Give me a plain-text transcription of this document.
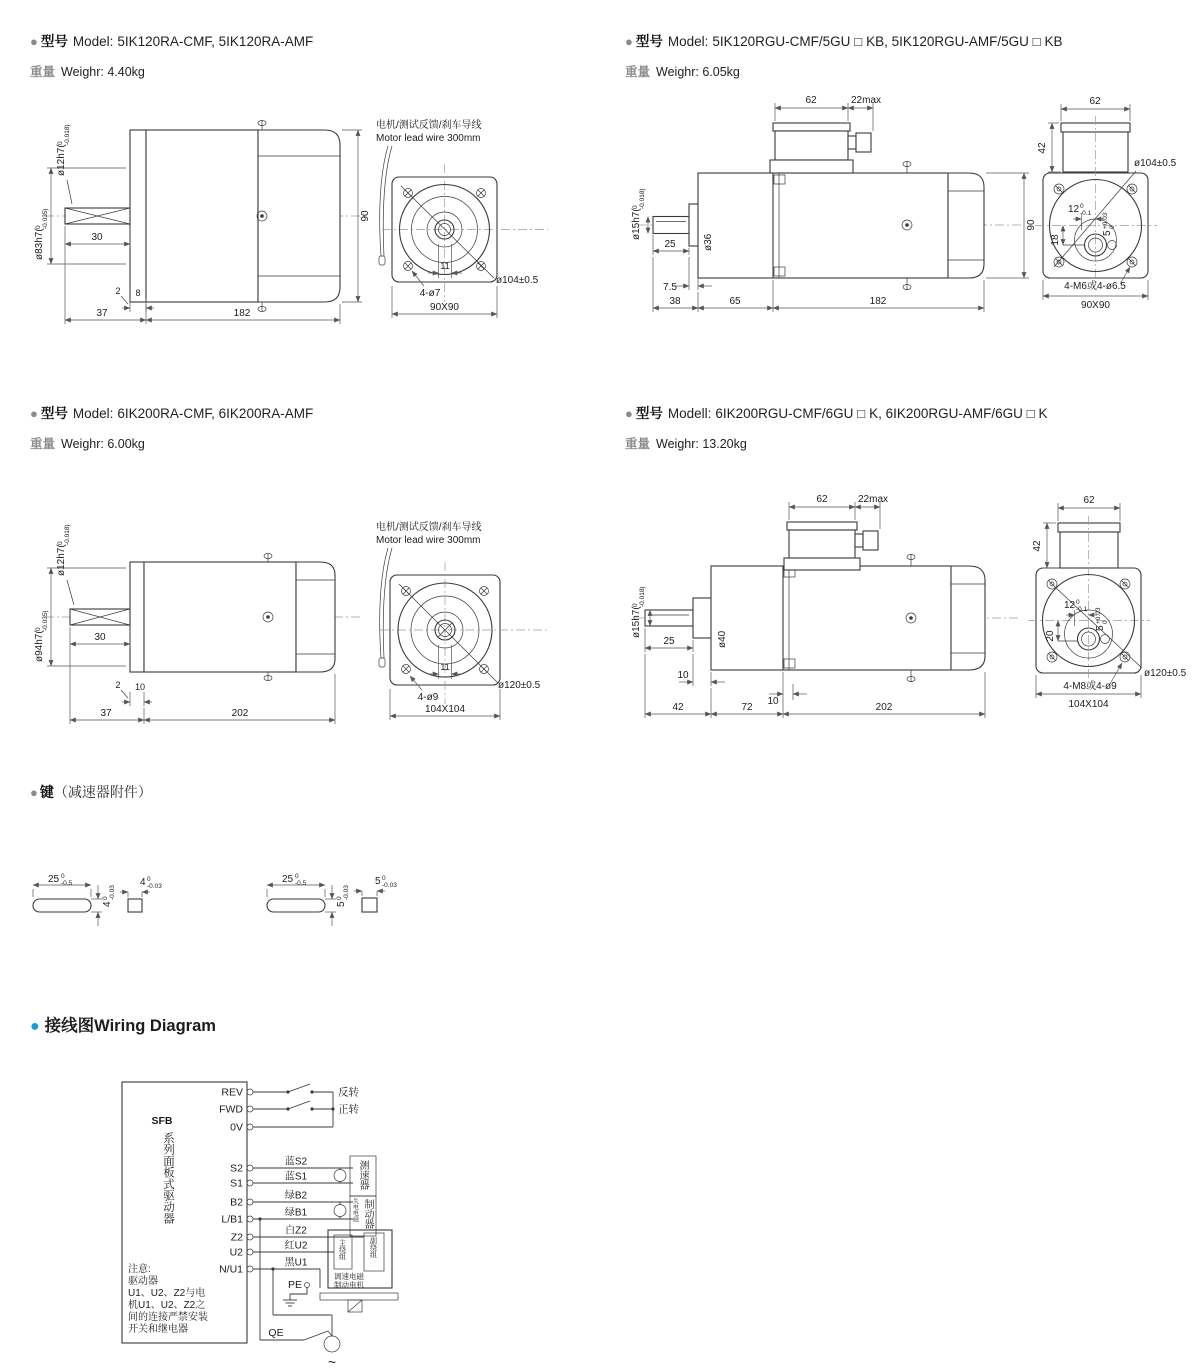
● 型号 Model: 5IK120RA-CMF, 5IK120RA-AMF
重量 Weighr: 4.40kg
● 型号 Model: 5IK120RGU-CMF/5GU □ KB, 5IK120RGU-AMF/5GU □ KB
重量 Weighr: 6.05kg
● 型号 Model: 6IK200RA-CMF, 6IK200RA-AMF
重量 Weighr: 6.00kg
● 型号 Modell: 6IK200RGU-CMF/6GU □ K, 6IK200RGU-AMF/6GU □ K
重量 Weighr: 13.20kg
● 键（减速器附件）
● 接线图Wiring Diagram
30
2 8
37	182
90
ø12h7(
0 -0.018)
ø83h7(
0 -0.035)
电机/测试反馈/刹车导线
Motor lead wire 300mm
11
ø104±0.5
4-ø7
90X90
62	22max
ø15h7(
0 -0.018)
ø36
25
7.5
38	65	182
90
62
42
ø104±0.5
12 0
-0.1
5
+0.03 0
18
4-M6或4-ø6.5
90X90
30
2 10
37	202
ø12h7(
0 -0.018)
ø94h7(
0 -0.035)
电机/测试反馈/刹车导线
Motor lead wire 300mm
11
ø120±0.5
4-ø9
104X104
62	22max
ø15h7(
0 -0.018)
ø40
25
10
42	72	202
10
62
42
20
12 0
-0.1
5
+0.03 0
ø120±0.5
4-M8或4-ø9
104X104
25 0
-0.5
4
0 -0.03
4 0
-0.03
25 0
-0.5
5
0 -0.03
5 0
-0.03
SFB
REV
FWD
0V
S2
S1
B2
L/B1
Z2
U2
N/U1
反转
正转
蓝S2
蓝S1
绿B2
绿B1
白Z2
红U2
黑U1
调速电磁
制动电机
PE
QE
~
注意:
驱动器
U1、U2、Z2与电
机U1、U2、Z2之
间的连接严禁安装
开关和继电器
系列面板式驱动器	测速器
制动器
失电电磁
主绕组	副绕组
